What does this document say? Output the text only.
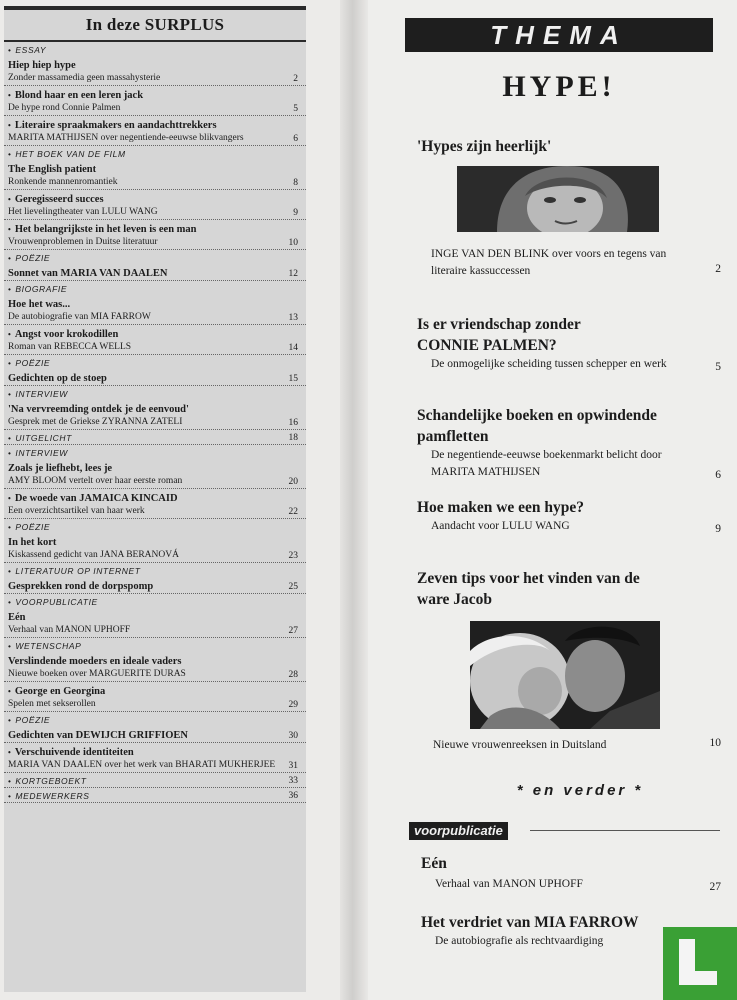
In deze SURPLUS
• ESSAY
Hiep hiep hype
Zonder massamedia geen massahysterie	2
• Blond haar en een leren jack
De hype rond Connie Palmen	5
• Literaire spraakmakers en aandachttrekkers
MARITA MATHIJSEN over negentiende-eeuwse blikvangers	6
• HET BOEK VAN DE FILM
The English patient
Ronkende mannenromantiek	8
• Geregisseerd succes
Het lievelingtheater van LULU WANG	9
• Het belangrijkste in het leven is een man
Vrouwenproblemen in Duitse literatuur	10
• POËZIE
Sonnet van MARIA VAN DAALEN	12
• BIOGRAFIE
Hoe het was...
De autobiografie van MIA FARROW	13
• Angst voor krokodillen
Roman van REBECCA WELLS	14
• POËZIE
Gedichten op de stoep	15
• INTERVIEW
'Na vervreemding ontdek je de eenvoud'
Gesprek met de Griekse ZYRANNA ZATELI	16
• UITGELICHT	18
• INTERVIEW
Zoals je liefhebt, lees je
AMY BLOOM vertelt over haar eerste roman	20
• De woede van JAMAICA KINCAID
Een overzichtsartikel van haar werk	22
• POËZIE
In het kort
Kiskassend gedicht van JANA BERANOVÁ	23
• LITERATUUR OP INTERNET
Gesprekken rond de dorpspomp	25
• VOORPUBLICATIE
Eén
Verhaal van MANON UPHOFF	27
• WETENSCHAP
Verslindende moeders en ideale vaders
Nieuwe boeken over MARGUERITE DURAS	28
• George en Georgina
Spelen met sekserollen	29
• POËZIE
Gedichten van DEWIJCH GRIFFIOEN	30
• Verschuivende identiteiten
MARIA VAN DAALEN over het werk van BHARATI MUKHERJEE	31
• KORTGEBOEKT	33
• MEDEWERKERS	36
THEMA
HYPE!
'Hypes zijn heerlijk'
INGE VAN DEN BLINK over voors en tegens van literaire kassuccessen	2
Is er vriendschap zonder CONNIE PALMEN?
De onmogelijke scheiding tussen schepper en werk	5
Schandelijke boeken en opwindende pamfletten
De negentiende-eeuwse boekenmarkt belicht door MARITA MATHIJSEN	6
Hoe maken we een hype?
Aandacht voor LULU WANG	9
Zeven tips voor het vinden van de ware Jacob
Nieuwe vrouwenreeksen in Duitsland	10
* en verder *
voorpublicatie
Eén
Verhaal van MANON UPHOFF	27
Het verdriet van MIA FARROW
De autobiografie als rechtvaardiging
